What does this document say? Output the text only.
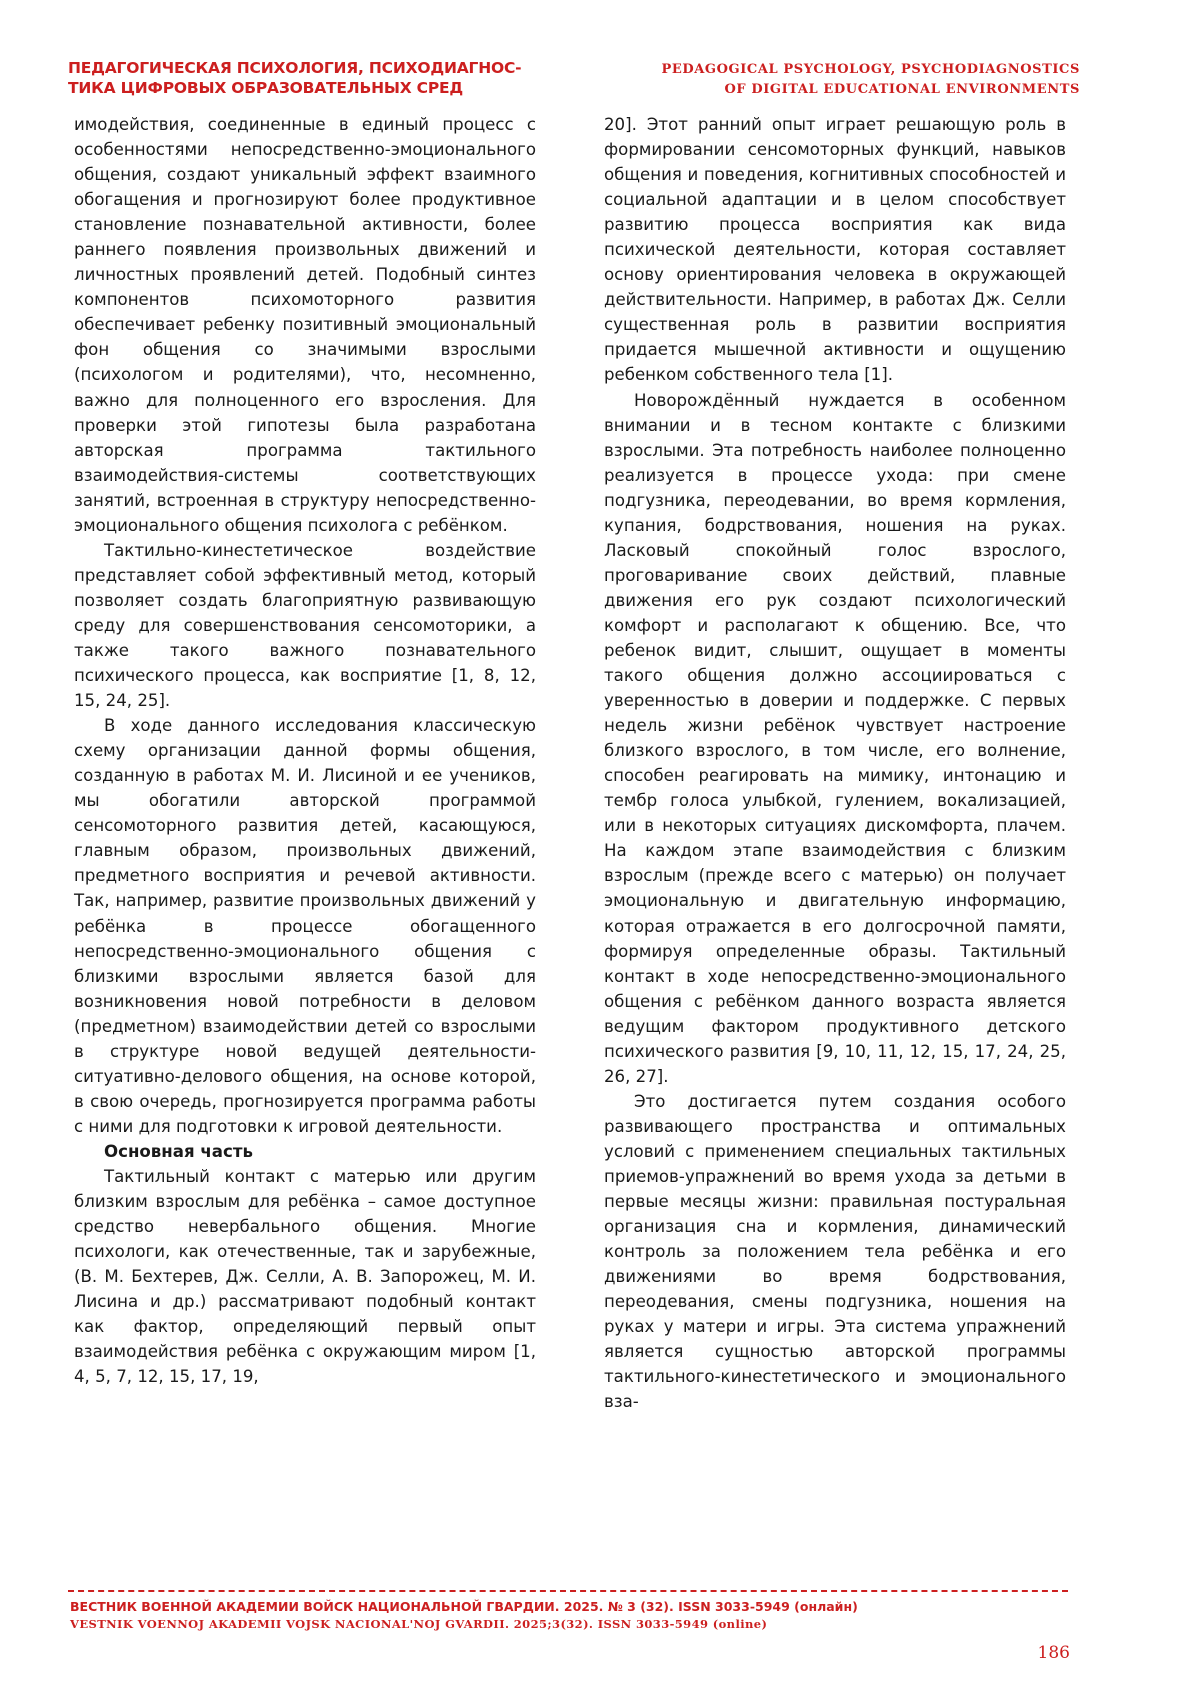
ПЕДАГОГИЧЕСКАЯ ПСИХОЛОГИЯ, ПСИХОДИАГНОС-
ТИКА ЦИФРОВЫХ ОБРАЗОВАТЕЛЬНЫХ СРЕД
PEDAGOGICAL PSYCHOLOGY, PSYCHODIAGNOSTICS
OF DIGITAL EDUCATIONAL ENVIRONMENTS

имодействия, соединенные в единый процесс с особенностями непосредственно-эмоционального общения, создают уникальный эффект взаимного обогащения и прогнозируют более продуктивное становление познавательной активности, более раннего появления произвольных движений и личностных проявлений детей. Подобный синтез компонентов психомоторного развития обеспечивает ребенку позитивный эмоциональный фон общения со значимыми взрослыми (психологом и родителями), что, несомненно, важно для полноценного его взросления. Для проверки этой гипотезы была разработана авторская программа тактильного взаимодействия-системы соответствующих занятий, встроенная в структуру непосредственно-эмоционального общения психолога с ребёнком.

Тактильно-кинестетическое воздействие представляет собой эффективный метод, который позволяет создать благоприятную развивающую среду для совершенствования сенсомоторики, а также такого важного познавательного психического процесса, как восприятие [1, 8, 12, 15, 24, 25].

В ходе данного исследования классическую схему организации данной формы общения, созданную в работах М. И. Лисиной и ее учеников, мы обогатили авторской программой сенсомоторного развития детей, касающуюся, главным образом, произвольных движений, предметного восприятия и речевой активности. Так, например, развитие произвольных движений у ребёнка в процессе обогащенного непосредственно-эмоционального общения с близкими взрослыми является базой для возникновения новой потребности в деловом (предметном) взаимодействии детей со взрослыми в структуре новой ведущей деятельности-ситуативно-делового общения, на основе которой, в свою очередь, прогнозируется программа работы с ними для подготовки к игровой деятельности.

Основная часть

Тактильный контакт с матерью или другим близким взрослым для ребёнка – самое доступное средство невербального общения. Многие психологи, как отечественные, так и зарубежные, (В. М. Бехтерев, Дж. Селли, А. В. Запорожец, М. И. Лисина и др.) рассматривают подобный контакт как фактор, определяющий первый опыт взаимодействия ребёнка с окружающим миром [1, 4, 5, 7, 12, 15, 17, 19,

20]. Этот ранний опыт играет решающую роль в формировании сенсомоторных функций, навыков общения и поведения, когнитивных способностей и социальной адаптации и в целом способствует развитию процесса восприятия как вида психической деятельности, которая составляет основу ориентирования человека в окружающей действительности. Например, в работах Дж. Селли существенная роль в развитии восприятия придается мышечной активности и ощущению ребенком собственного тела [1].

Новорождённый нуждается в особенном внимании и в тесном контакте с близкими взрослыми. Эта потребность наиболее полноценно реализуется в процессе ухода: при смене подгузника, переодевании, во время кормления, купания, бодрствования, ношения на руках. Ласковый спокойный голос взрослого, проговаривание своих действий, плавные движения его рук создают психологический комфорт и располагают к общению. Все, что ребенок видит, слышит, ощущает в моменты такого общения должно ассоциироваться с уверенностью в доверии и поддержке. С первых недель жизни ребёнок чувствует настроение близкого взрослого, в том числе, его волнение, способен реагировать на мимику, интонацию и тембр голоса улыбкой, гулением, вокализацией, или в некоторых ситуациях дискомфорта, плачем. На каждом этапе взаимодействия с близким взрослым (прежде всего с матерью) он получает эмоциональную и двигательную информацию, которая отражается в его долгосрочной памяти, формируя определенные образы. Тактильный контакт в ходе непосредственно-эмоционального общения с ребёнком данного возраста является ведущим фактором продуктивного детского психического развития [9, 10, 11, 12, 15, 17, 24, 25, 26, 27].

Это достигается путем создания особого развивающего пространства и оптимальных условий с применением специальных тактильных приемов-упражнений во время ухода за детьми в первые месяцы жизни: правильная постуральная организация сна и кормления, динамический контроль за положением тела ребёнка и его движениями во время бодрствования, переодевания, смены подгузника, ношения на руках у матери и игры. Эта система упражнений является сущностью авторской программы тактильного-кинестетического и эмоционального вза-

ВЕСТНИК ВОЕННОЙ АКАДЕМИИ ВОЙСК НАЦИОНАЛЬНОЙ ГВАРДИИ. 2025. № 3 (32). ISSN 3033-5949 (онлайн)
VESTNIK VOENNOJ AKADEMII VOJSK NACIONAL'NOJ GVARDII. 2025;3(32). ISSN 3033-5949 (online)
186
